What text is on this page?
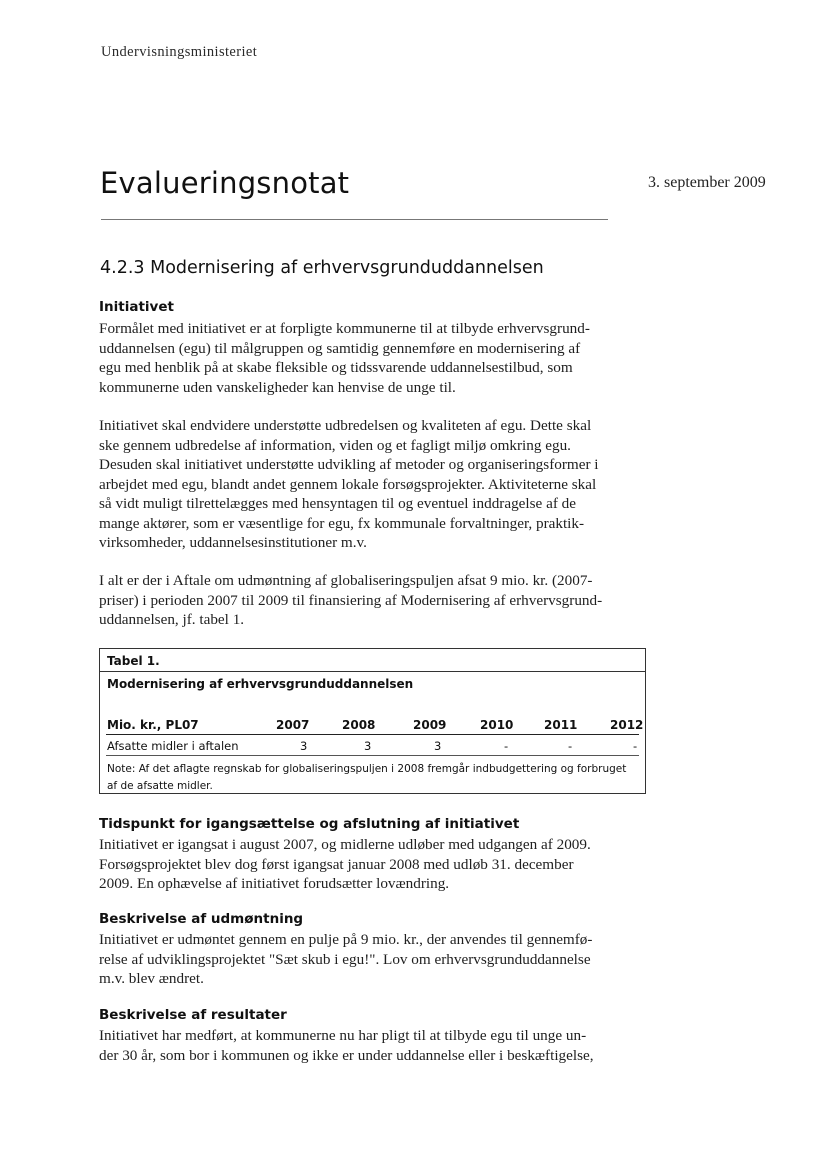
Undervisningsministeriet
Evalueringsnotat	3. september 2009
4.2.3 Modernisering af erhvervsgrunduddannelsen
Initiativet

Formålet med initiativet er at forpligte kommunerne til at tilbyde erhvervsgrund-

uddannelsen (egu) til målgruppen og samtidig gennemføre en modernisering af

egu med henblik på at skabe fleksible og tidssvarende uddannelsestilbud, som

kommunerne uden vanskeligheder kan henvise de unge til.

Initiativet skal endvidere understøtte udbredelsen og kvaliteten af egu. Dette skal

ske gennem udbredelse af information, viden og et fagligt miljø omkring egu.

Desuden skal initiativet understøtte udvikling af metoder og organiseringsformer i

arbejdet med egu, blandt andet gennem lokale forsøgsprojekter. Aktiviteterne skal

så vidt muligt tilrettelægges med hensyntagen til og eventuel inddragelse af de

mange aktører, som er væsentlige for egu, fx kommunale forvaltninger, praktik-

virksomheder, uddannelsesinstitutioner m.v.

I alt er der i Aftale om udmøntning af globaliseringspuljen afsat 9 mio. kr. (2007-

priser) i perioden 2007 til 2009 til finansiering af Modernisering af erhvervsgrund-

uddannelsen, jf. tabel 1.

Tabel 1.
Modernisering af erhvervsgrunduddannelsen
Mio. kr., PL07	2007	2008	2009	2010	2011	2012
Afsatte midler i aftalen	3	3	3	-	-	-
Note: Af det aflagte regnskab for globaliseringspuljen i 2008 fremgår indbudgettering og forbruget af de afsatte midler.
Tidspunkt for igangsættelse og afslutning af initiativet

Initiativet er igangsat i august 2007, og midlerne udløber med udgangen af 2009.

Forsøgsprojektet blev dog først igangsat januar 2008 med udløb 31. december

2009. En ophævelse af initiativet forudsætter lovændring.

Beskrivelse af udmøntning

Initiativet er udmøntet gennem en pulje på 9 mio. kr., der anvendes til gennemfø-

relse af udviklingsprojektet "Sæt skub i egu!". Lov om erhvervsgrunduddannelse

m.v. blev ændret.

Beskrivelse af resultater

Initiativet har medført, at kommunerne nu har pligt til at tilbyde egu til unge un-

der 30 år, som bor i kommunen og ikke er under uddannelse eller i beskæftigelse,
